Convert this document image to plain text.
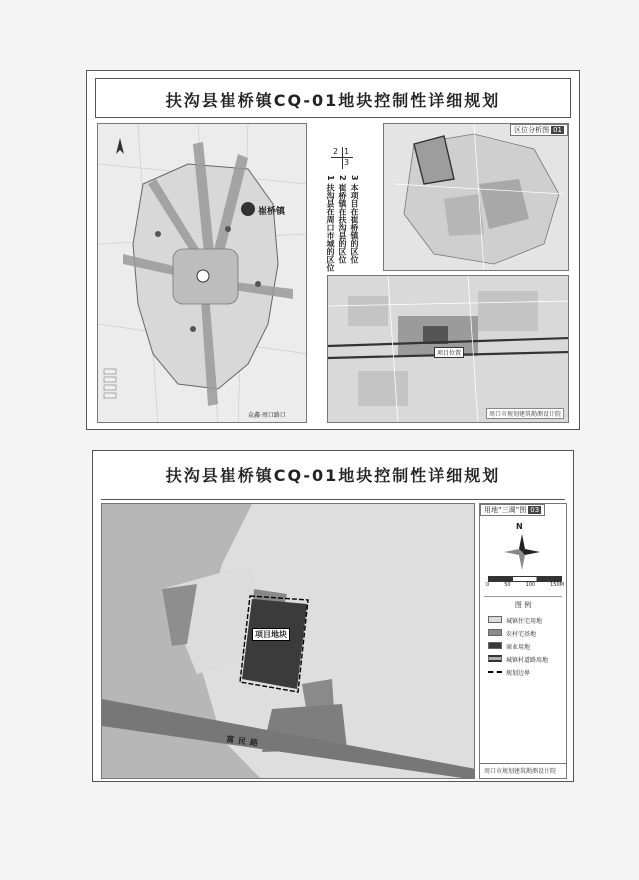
扶沟县崔桥镇CQ-01地块控制性详细规划
崔桥镇
众鑫·周口路口
2 1
3
3 本项目在崔桥镇的区位
2 崔桥镇在扶沟县的区位
1 扶沟县在周口市域的区位
区位分析图 01
项目位置
周口市规划建筑勘测设计院
扶沟县崔桥镇CQ-01地块控制性详细规划
项目地块
富民路
用地“三调”图 03
N
0	50	100	150M
图 例
城镇住宅用地
农村宅基地
商业用地
城镇村道路用地
规划边界
周口市规划建筑勘测设计院
